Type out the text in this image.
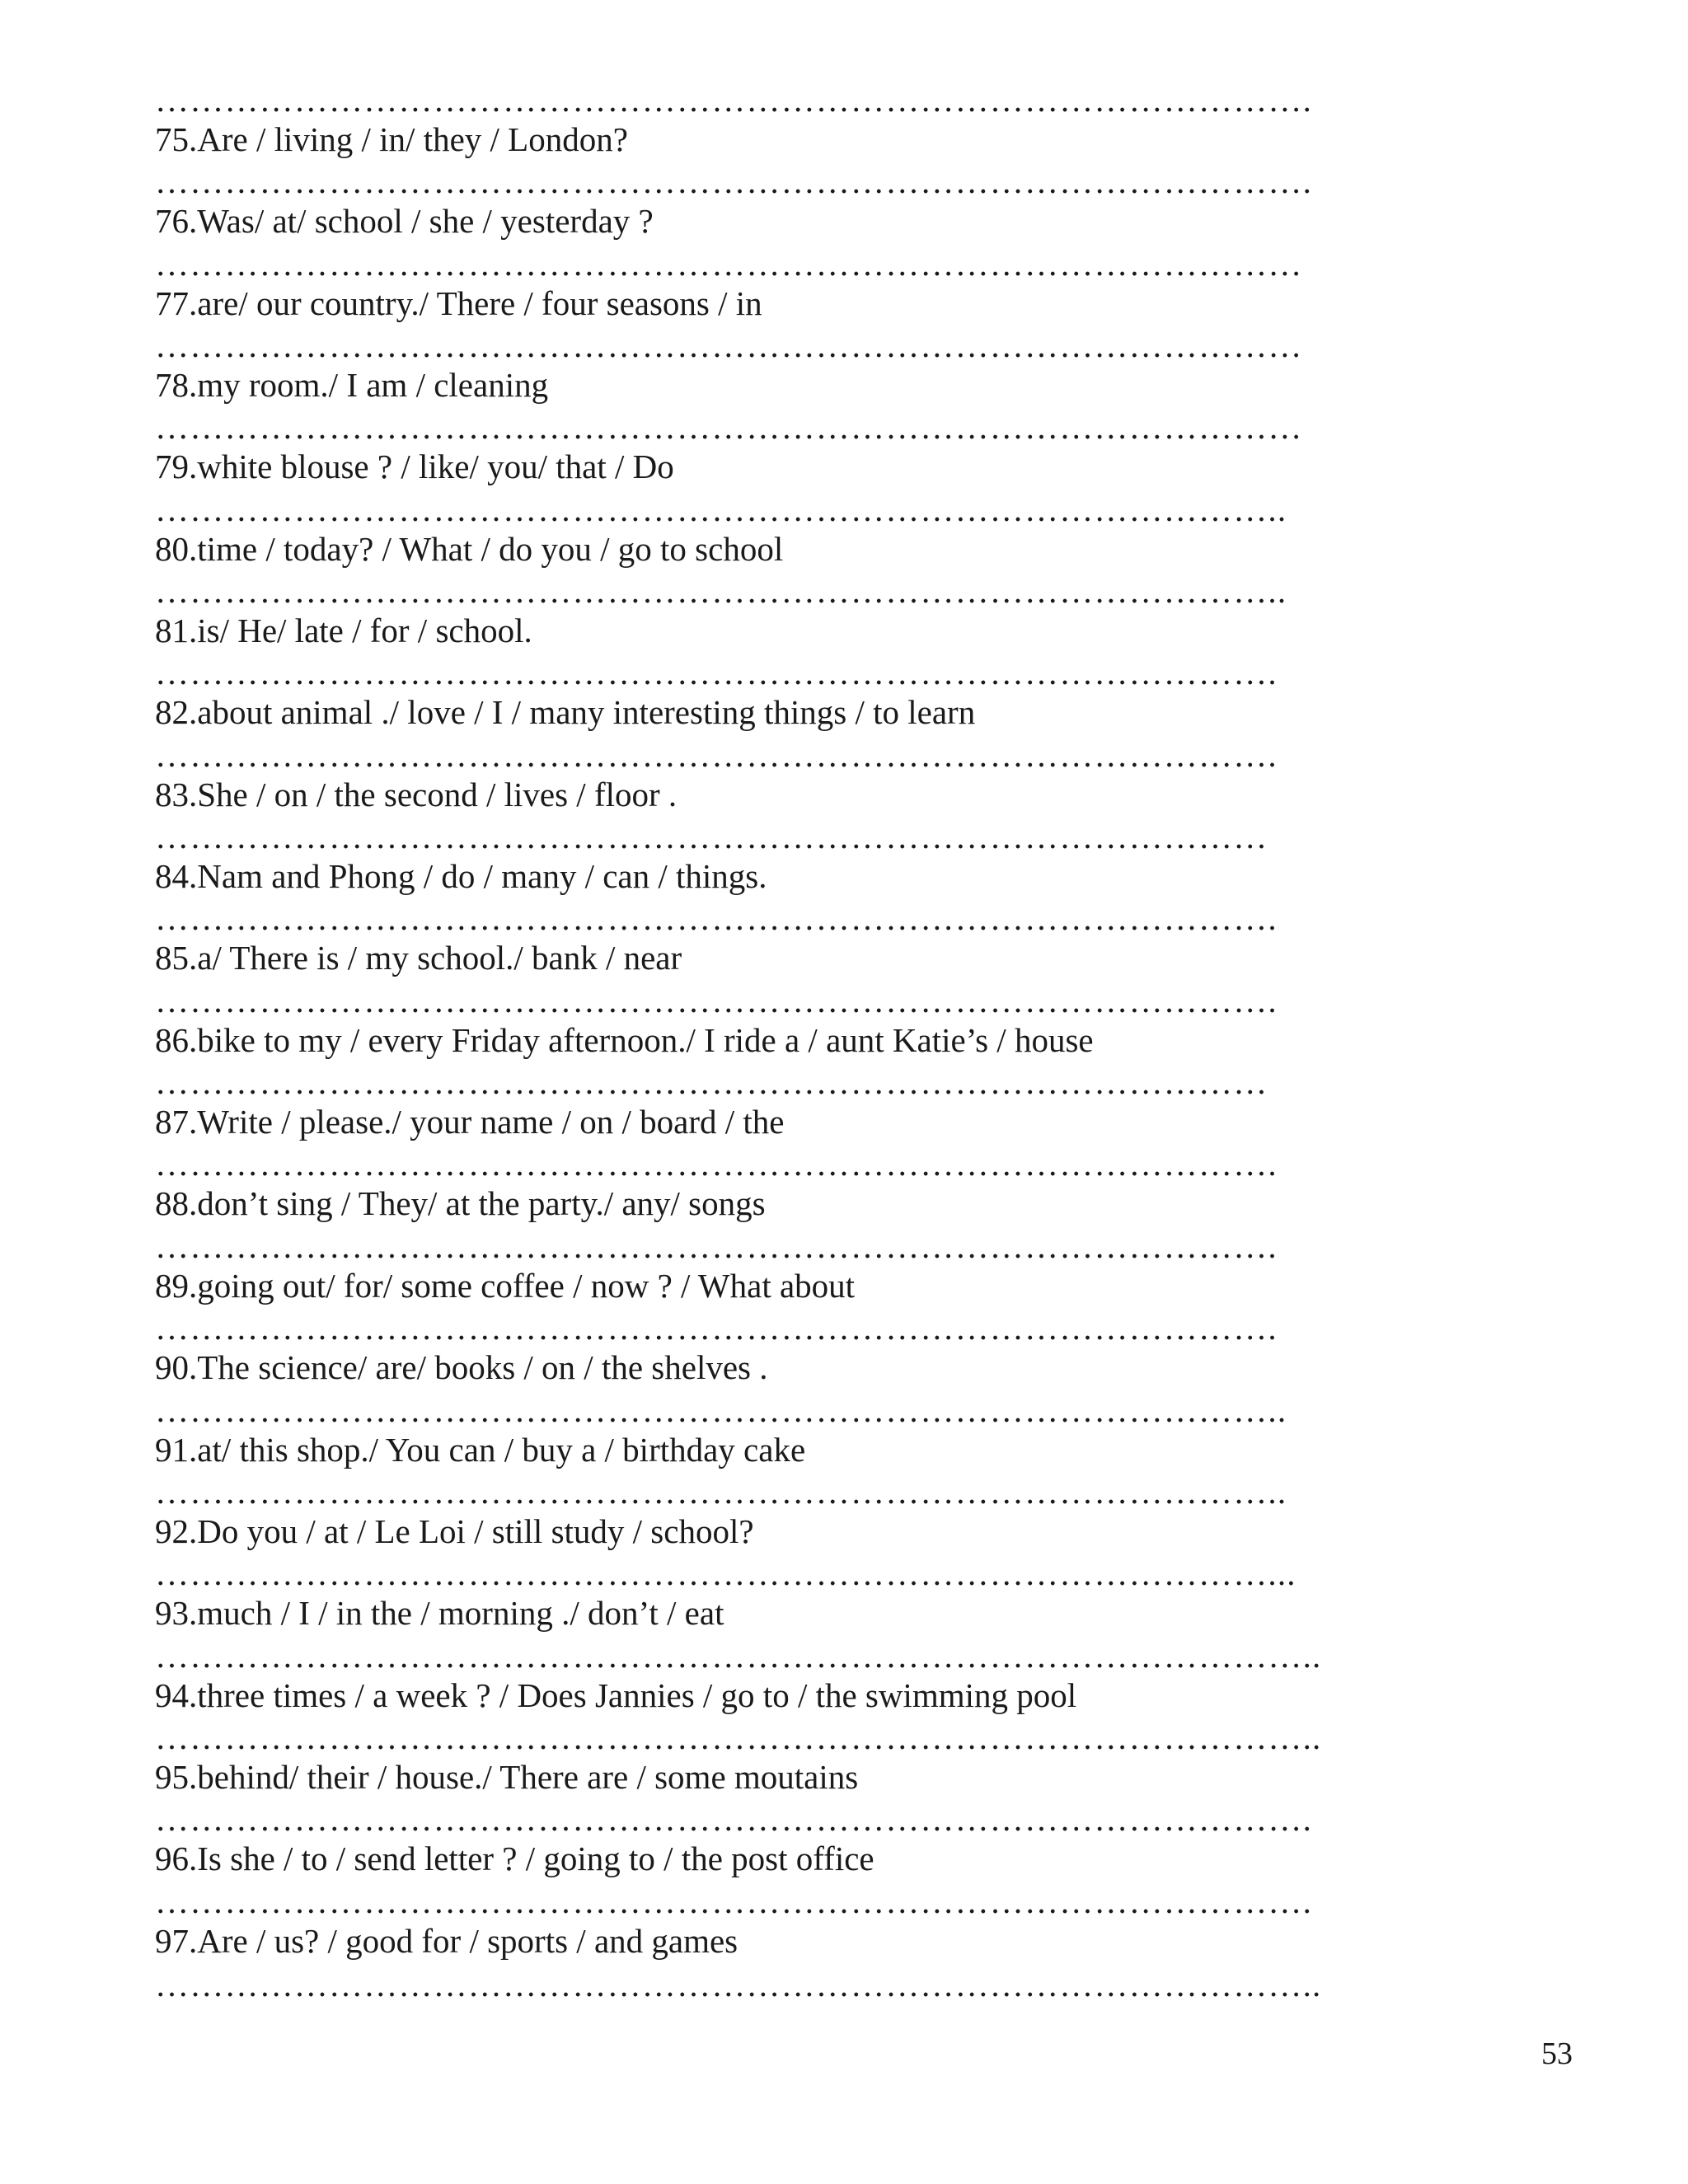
……………………………………………………………………………………….
75.Are / living / in/ they / London?
……………………………………………………………………………………….
76.Was/ at/ school / she / yesterday ?
………………………………………………………………………………………
77.are/ our country./ There / four seasons / in
………………………………………………………………………………………
78.my room./ I am / cleaning
………………………………………………………………………………………
79.white blouse ? / like/ you/ that / Do
……………………………………………………………………………………..
80.time / today? / What / do you / go to school
……………………………………………………………………………………..
81.is/ He/ late / for / school.
…………………………………………………………………………………….
82.about animal ./ love / I / many interesting things / to learn
…………………………………………………………………………………….
83.She / on / the second / lives / floor .
……………………………………………………………………………………
84.Nam and Phong / do / many / can / things.
…………………………………………………………………………………….
85.a/ There is / my school./ bank / near
…………………………………………………………………………………….
86.bike to my / every Friday afternoon./ I ride a / aunt Katie’s / house
……………………………………………………………………………………
87.Write / please./ your name / on / board / the
…………………………………………………………………………………….
88.don’t sing / They/ at the party./ any/ songs
…………………………………………………………………………………….
89.going out/ for/ some coffee / now ? / What about
…………………………………………………………………………………….
90.The science/ are/ books / on / the shelves .
……………………………………………………………………………………..
91.at/ this shop./ You can / buy a / birthday cake
……………………………………………………………………………………..
92.Do you / at / Le Loi / still study / school?
……………………………………………………………………………………...
93.much / I / in the / morning ./ don’t / eat
………………………………………………………………………………………..
94.three times / a week ? / Does Jannies / go to / the swimming pool
………………………………………………………………………………………..
95.behind/ their / house./ There are / some moutains
……………………………………………………………………………………….
96.Is she / to / send letter ? / going to / the post office
……………………………………………………………………………………….
97.Are / us? / good for / sports / and games
………………………………………………………………………………………..
53
